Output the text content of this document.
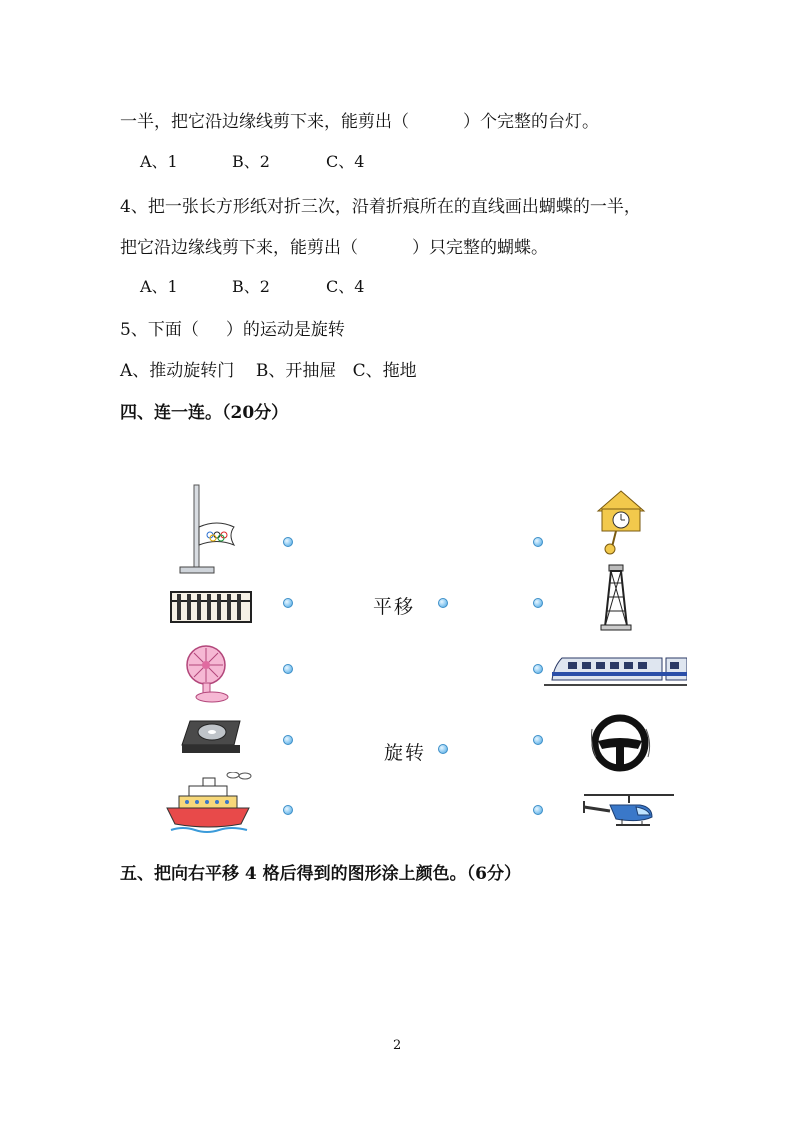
一半，把它沿边缘线剪下来，能剪出（          ）个完整的台灯。
A、1	B、2	C、4
4、把一张长方形纸对折三次，沿着折痕所在的直线画出蝴蝶的一半，
把它沿边缘线剪下来，能剪出（          ）只完整的蝴蝶。
A、1	B、2	C、4
5、下面（     ）的运动是旋转
A、推动旋转门    B、开抽屉   C、拖地
四、连一连。（20分）
平移
旋转
五、把向右平移 4 格后得到的图形涂上颜色。（6分）
2
